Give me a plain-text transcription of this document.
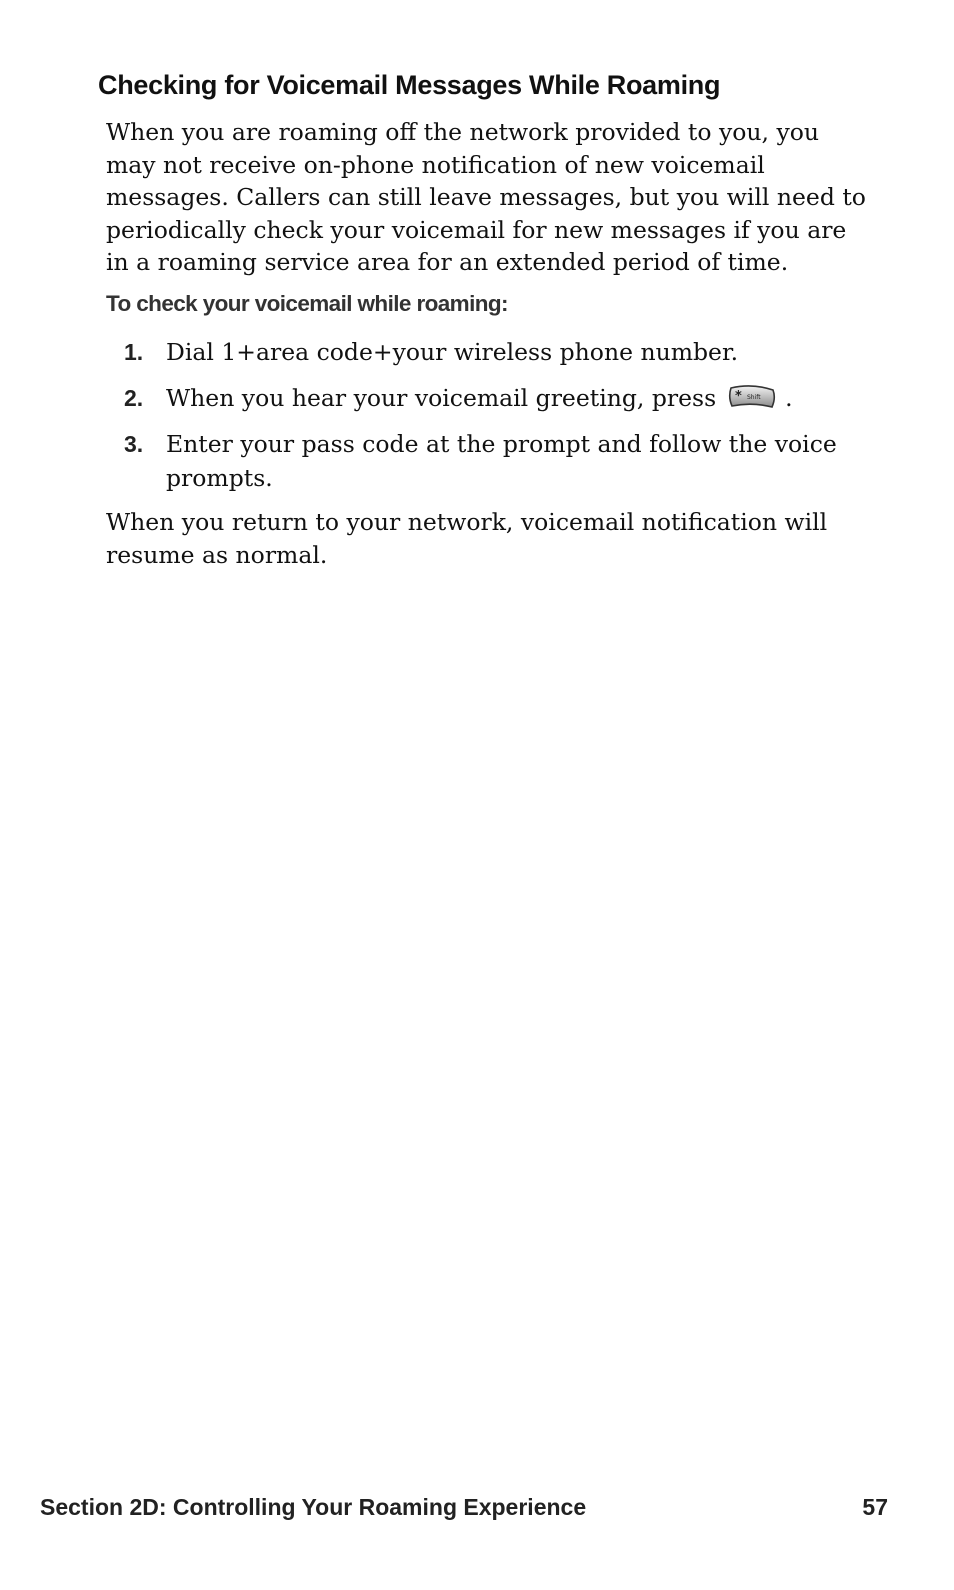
Checking for Voicemail Messages While Roaming

When you are roaming off the network provided to you, you may not receive on-phone notification of new voicemail messages. Callers can still leave messages, but you will need to periodically check your voicemail for new messages if you are in a roaming service area for an extended period of time.

To check your voicemail while roaming:

1. Dial 1+area code+your wireless phone number.
2. When you hear your voicemail greeting, press * Shift .
3. Enter your pass code at the prompt and follow the voice prompts.

When you return to your network, voicemail notification will resume as normal.

Section 2D: Controlling Your Roaming Experience	57
